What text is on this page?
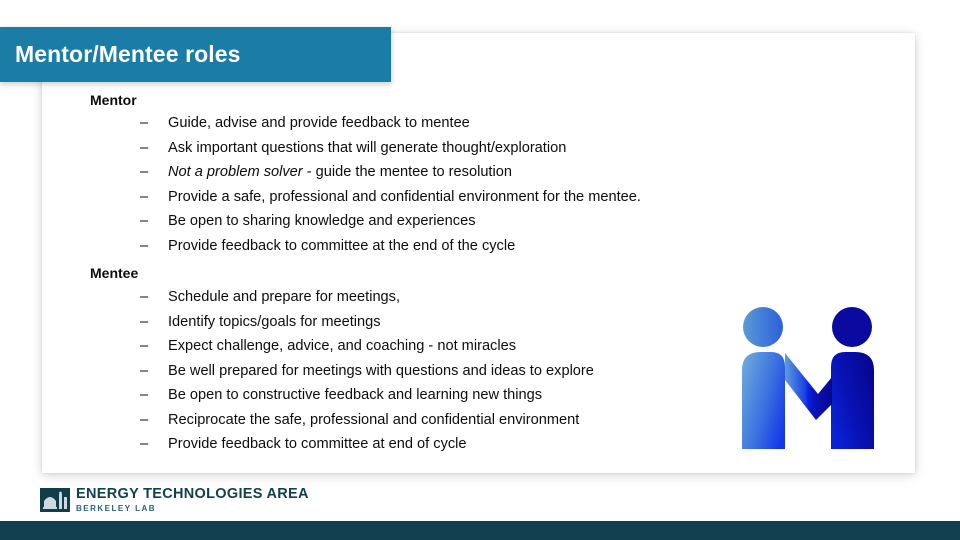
Mentor/Mentee roles
Mentor
–	Guide, advise and provide feedback to mentee
–	Ask important questions that will generate thought/exploration
–	Not a problem solver - guide the mentee to resolution
–	Provide a safe, professional and confidential environment for the mentee.
–	Be open to sharing knowledge and experiences
–	Provide feedback to committee at the end of the cycle
Mentee
–	Schedule and prepare for meetings,
–	Identify topics/goals for meetings
–	Expect challenge, advice, and coaching - not miracles
–	Be well prepared for meetings with questions and ideas to explore
–	Be open to constructive feedback and learning new things
–	Reciprocate the safe, professional and confidential environment
–	Provide feedback to committee at end of cycle
ENERGY TECHNOLOGIES AREA
BERKELEY LAB
